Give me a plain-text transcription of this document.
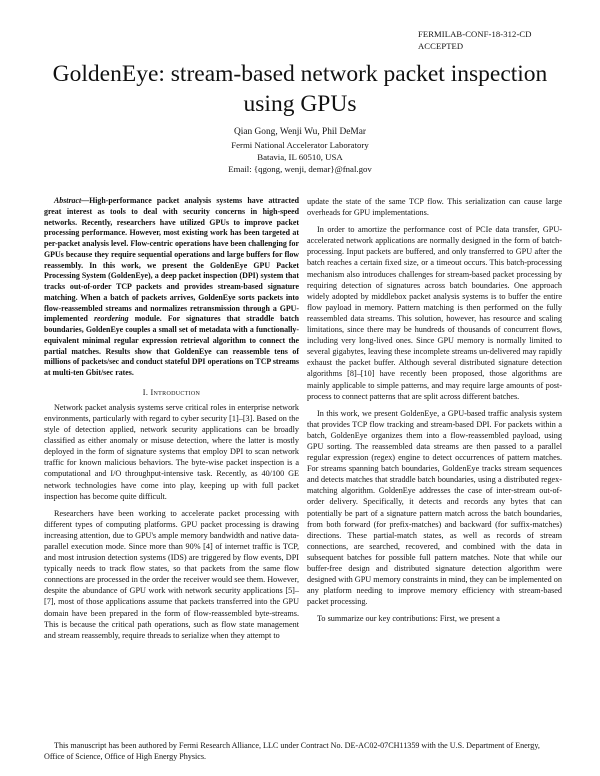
FERMILAB-CONF-18-312-CD
ACCEPTED
GoldenEye: stream-based network packet inspection using GPUs
Qian Gong, Wenji Wu, Phil DeMar
Fermi National Accelerator Laboratory
Batavia, IL 60510, USA
Email: {qgong, wenji, demar}@fnal.gov

Abstract—High-performance packet analysis systems have attracted great interest as tools to deal with security concerns in high-speed networks. Recently, researchers have utilized GPUs to improve packet processing performance. However, most existing work has been targeted at per-packet analysis level. Flow-centric operations have been challenging for GPUs because they require sequential operations and large buffers for flow reassembly. In this work, we present the GoldenEye GPU Packet Processing System (GoldenEye), a deep packet inspection (DPI) system that tracks out-of-order TCP packets and provides stream-based signature matching. When a batch of packets arrives, GoldenEye sorts packets into flow-reassembled streams and normalizes retransmission through a GPU-implemented reordering module. For signatures that straddle batch boundaries, GoldenEye couples a small set of metadata with a functionally-equivalent minimal regular expression retrieval algorithm to connect the partial matches. Results show that GoldenEye can reassemble tens of millions of packets/sec and conduct stateful DPI operations on TCP streams at multi-ten Gbit/sec rates.

I. Introduction

Network packet analysis systems serve critical roles in enterprise network environments, particularly with regard to cyber security [1]–[3]. Based on the style of detection applied, network security applications can be broadly classified as either anomaly or misuse detection, where the latter is mostly deployed in the form of signature systems that employ DPI to scan network traffic for known malicious behaviors. The byte-wise packet inspection is a computational and I/O throughput-intensive task. Recently, as 40/100 GE network technologies have come into play, keeping up with full packet inspection has become quite difficult.

Researchers have been working to accelerate packet processing with different types of computing platforms. GPU packet processing is drawing increasing attention, due to GPU's ample memory bandwidth and native data-parallel execution mode. Since more than 90% [4] of internet traffic is TCP, and most intrusion detection systems (IDS) are triggered by flow events, DPI typically needs to track flow states, so that packets from the same flow connections are processed in the order the receiver would see them. However, despite the abundance of GPU work with network security applications [5]–[7], most of those applications assume that packets transferred into the GPU domain have been prepared in the form of flow-reassembled byte-streams. This is because the critical path operations, such as flow state management and stream reassembly, require threads to serialize when they attempt to

update the state of the same TCP flow. This serialization can cause large overheads for GPU implementations.

In order to amortize the performance cost of PCIe data transfer, GPU-accelerated network applications are normally designed in the form of batch-processing. Input packets are buffered, and only transferred to GPU after the batch reaches a certain fixed size, or a timeout occurs. This batch-processing mechanism also introduces challenges for stream-based packet processing by requiring detection of signatures across batch boundaries. One approach widely adopted by middlebox packet analysis systems is to buffer the entire flow payload in memory. Pattern matching is then performed on the fully reassembled data streams. This solution, however, has resource and scaling limitations, since there may be hundreds of thousands of concurrent flows, including very long-lived ones. Since GPU memory is normally limited to several gigabytes, leaving these incomplete streams un-delivered may rapidly exhaust the packet buffer. Although several distributed signature detection algorithms [8]–[10] have recently been proposed, those algorithms are mainly applicable to simple patterns, and may require large amounts of post-process to connect patterns that are split across different batches.

In this work, we present GoldenEye, a GPU-based traffic analysis system that provides TCP flow tracking and stream-based DPI. For packets within a batch, GoldenEye organizes them into a flow-reassembled payload, using GPU sorting. The reassembled data streams are then passed to a parallel regular expression (regex) engine to detect occurrences of pattern matches. For streams spanning batch boundaries, GoldenEye tracks stream sequences and detects matches that straddle batch boundaries, using a distributed regex-matching algorithm. GoldenEye addresses the case of inter-stream out-of-order delivery. Specifically, it detects and records any bytes that can potentially be part of a signature pattern match across the batch boundaries, from both forward (for prefix-matches) and backward (for suffix-matches) directions. These partial-match states, as well as records of stream connections, are searched, recovered, and combined with the data in subsequent batches for possible full pattern matches. Note that while our buffer-free design and distributed signature detection algorithm were designed with GPU memory constraints in mind, they can be implemented on any platform needing to improve memory efficiency with stream-based packet processing.

To summarize our key contributions: First, we present a

This manuscript has been authored by Fermi Research Alliance, LLC under Contract No. DE-AC02-07CH11359 with the U.S. Department of Energy, Office of Science, Office of High Energy Physics.
